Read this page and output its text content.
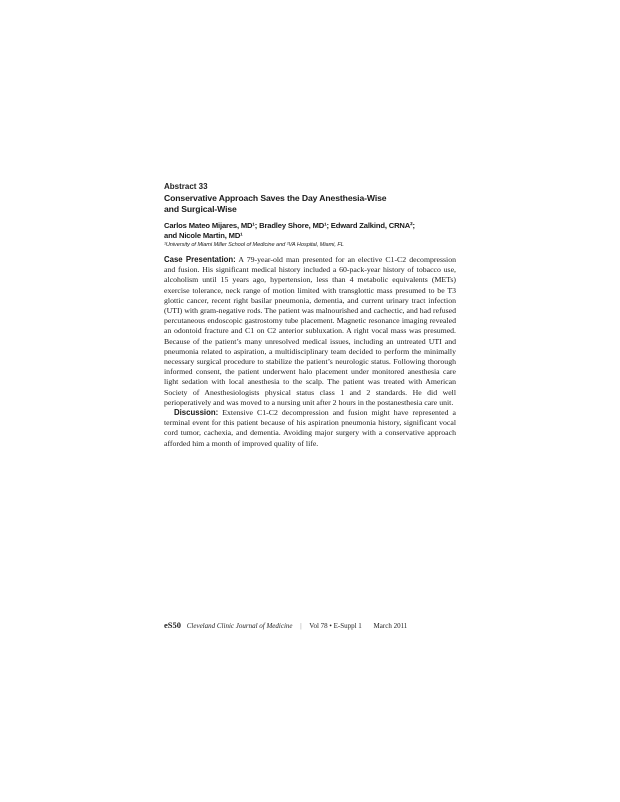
Abstract 33
Conservative Approach Saves the Day Anesthesia-Wise
and Surgical-Wise
Carlos Mateo Mijares, MD¹; Bradley Shore, MD¹; Edward Zalkind, CRNA²;
and Nicole Martin, MD¹
¹University of Miami Miller School of Medicine and ²VA Hospital, Miami, FL

Case Presentation: A 79-year-old man presented for an elective C1-C2 decompression and fusion. His significant medical history included a 60-pack-year history of tobacco use, alcoholism until 15 years ago, hypertension, less than 4 metabolic equivalents (METs) exercise tolerance, neck range of motion limited with transglottic mass presumed to be T3 glottic cancer, recent right basilar pneumonia, dementia, and current urinary tract infection (UTI) with gram-negative rods. The patient was malnourished and cachectic, and had refused percutaneous endoscopic gastrostomy tube placement. Magnetic resonance imaging revealed an odontoid fracture and C1 on C2 anterior subluxation. A right vocal mass was presumed. Because of the patient’s many unresolved medical issues, including an untreated UTI and pneumonia related to aspiration, a multidisciplinary team decided to perform the minimally necessary surgical procedure to stabilize the patient’s neurologic status. Following thorough informed consent, the patient underwent halo placement under monitored anesthesia care light sedation with local anesthesia to the scalp. The patient was treated with American Society of Anesthesiologists physical status class 1 and 2 standards. He did well perioperatively and was moved to a nursing unit after 2 hours in the postanesthesia care unit.

Discussion: Extensive C1-C2 decompression and fusion might have represented a terminal event for this patient because of his aspiration pneumonia history, significant vocal cord tumor, cachexia, and dementia. Avoiding major surgery with a conservative approach afforded him a month of improved quality of life.

eS50 Cleveland Clinic Journal of Medicine | Vol 78 • E-Suppl 1 March 2011
